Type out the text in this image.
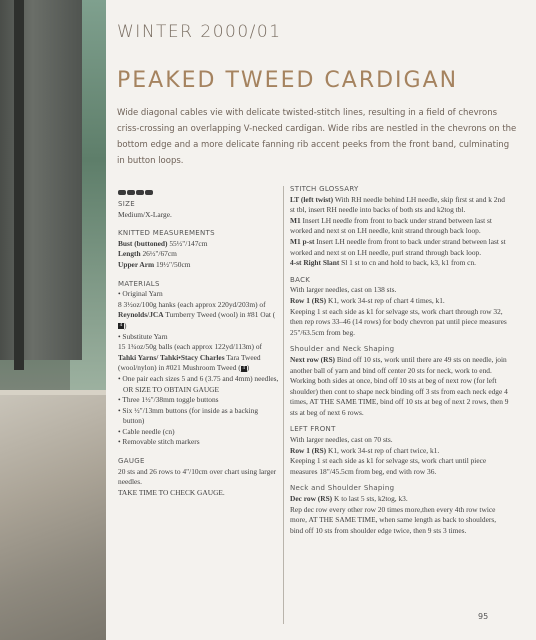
WINTER 2000/01
PEAKED TWEED CARDIGAN
Wide diagonal cables vie with delicate twisted-stitch lines, resulting in a field of chevrons criss-crossing an overlapping V-necked cardigan. Wide ribs are nestled in the chevrons on the bottom edge and a more delicate fanning rib accent peeks from the front band, culminating in button loops.
SIZE
Medium/X-Large.
KNITTED MEASUREMENTS
Bust (buttoned) 55½"/147cm
Length 26½"/67cm
Upper Arm 19½"/50cm
MATERIALS
• Original Yarn
8 3½oz/100g hanks (each approx 220yd/203m) of Reynolds/JCA Turnberry Tweed (wool) in #81 Oat (4 )
• Substitute Yarn
15 1¾oz/50g balls (each approx 122yd/113m) of Tahki Yarns/ Tahki•Stacy Charles Tara Tweed (wool/nylon) in #021 Mushroom Tweed ( 4 )
• One pair each sizes 5 and 6 (3.75 and 4mm) needles, OR SIZE TO OBTAIN GAUGE
• Three 1½"/38mm toggle buttons
• Six ½"/13mm buttons (for inside as a backing button)
• Cable needle (cn)
• Removable stitch markers
GAUGE
20 sts and 26 rows to 4"/10cm over chart using larger needles.
TAKE TIME TO CHECK GAUGE.
STITCH GLOSSARY
LT (left twist) With RH needle behind LH needle, skip first st and k 2nd st tbl, insert RH needle into backs of both sts and k2tog tbl.
M1 Insert LH needle from front to back under strand between last st worked and next st on LH needle, knit strand through back loop.
M1 p-st Insert LH needle from front to back under strand between last st worked and next st on LH needle, purl strand through back loop.
4-st Right Slant Sl 1 st to cn and hold to back, k3, k1 from cn.
BACK
With larger needles, cast on 138 sts.
Row 1 (RS) K1, work 34-st rep of chart 4 times, k1.
Keeping 1 st each side as k1 for selvage sts, work chart through row 32, then rep rows 33–46 (14 rows) for body chevron pat until piece measures 25"/63.5cm from beg.
Shoulder and Neck Shaping
Next row (RS) Bind off 10 sts, work until there are 49 sts on needle, join another ball of yarn and bind off center 20 sts for neck, work to end.
Working both sides at once, bind off 10 sts at beg of next row (for left shoulder) then cont to shape neck binding off 3 sts from each neck edge 4 times, AT THE SAME TIME, bind off 10 sts at beg of next 2 rows, then 9 sts at beg of next 6 rows.
LEFT FRONT
With larger needles, cast on 70 sts.
Row 1 (RS) K1, work 34-st rep of chart twice, k1.
Keeping 1 st each side as k1 for selvage sts, work chart until piece measures 18"/45.5cm from beg, end with row 36.
Neck and Shoulder Shaping
Dec row (RS) K to last 5 sts, k2tog, k3.
Rep dec row every other row 20 times more,then every 4th row twice more, AT THE SAME TIME, when same length as back to shoulders, bind off 10 sts from shoulder edge twice, then 9 sts 3 times.
95
